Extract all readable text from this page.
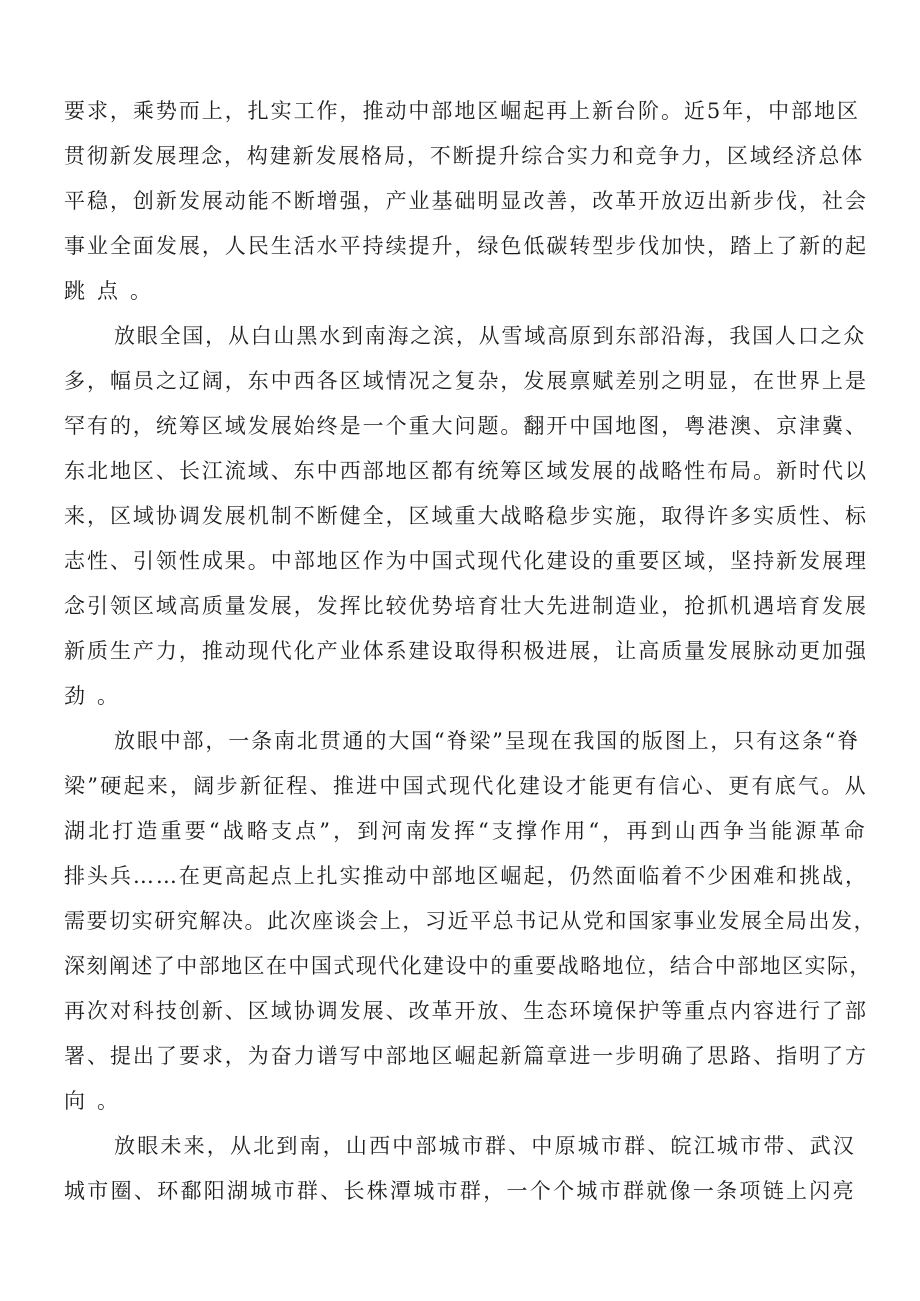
要求，乘势而上，扎实工作，推动中部地区崛起再上新台阶。近5年，中部地区
贯彻新发展理念，构建新发展格局，不断提升综合实力和竞争力，区域经济总体
平稳，创新发展动能不断增强，产业基础明显改善，改革开放迈出新步伐，社会
事业全面发展，人民生活水平持续提升，绿色低碳转型步伐加快，踏上了新的起
跳点。
放眼全国，从白山黑水到南海之滨，从雪域高原到东部沿海，我国人口之众
多，幅员之辽阔，东中西各区域情况之复杂，发展禀赋差别之明显，在世界上是
罕有的，统筹区域发展始终是一个重大问题。翻开中国地图，粤港澳、京津冀、
东北地区、长江流域、东中西部地区都有统筹区域发展的战略性布局。新时代以
来，区域协调发展机制不断健全，区域重大战略稳步实施，取得许多实质性、标
志性、引领性成果。中部地区作为中国式现代化建设的重要区域，坚持新发展理
念引领区域高质量发展，发挥比较优势培育壮大先进制造业，抢抓机遇培育发展
新质生产力，推动现代化产业体系建设取得积极进展，让高质量发展脉动更加强
劲。
放眼中部，一条南北贯通的大国“脊梁”呈现在我国的版图上，只有这条“脊
梁”硬起来，阔步新征程、推进中国式现代化建设才能更有信心、更有底气。从
湖北打造重要“战略支点”，到河南发挥“支撑作用“，再到山西争当能源革命
排头兵……在更高起点上扎实推动中部地区崛起，仍然面临着不少困难和挑战，
需要切实研究解决。此次座谈会上，习近平总书记从党和国家事业发展全局出发，
深刻阐述了中部地区在中国式现代化建设中的重要战略地位，结合中部地区实际，
再次对科技创新、区域协调发展、改革开放、生态环境保护等重点内容进行了部
署、提出了要求，为奋力谱写中部地区崛起新篇章进一步明确了思路、指明了方
向。
放眼未来，从北到南，山西中部城市群、中原城市群、皖江城市带、武汉
城市圈、环鄱阳湖城市群、长株潭城市群，一个个城市群就像一条项链上闪亮
